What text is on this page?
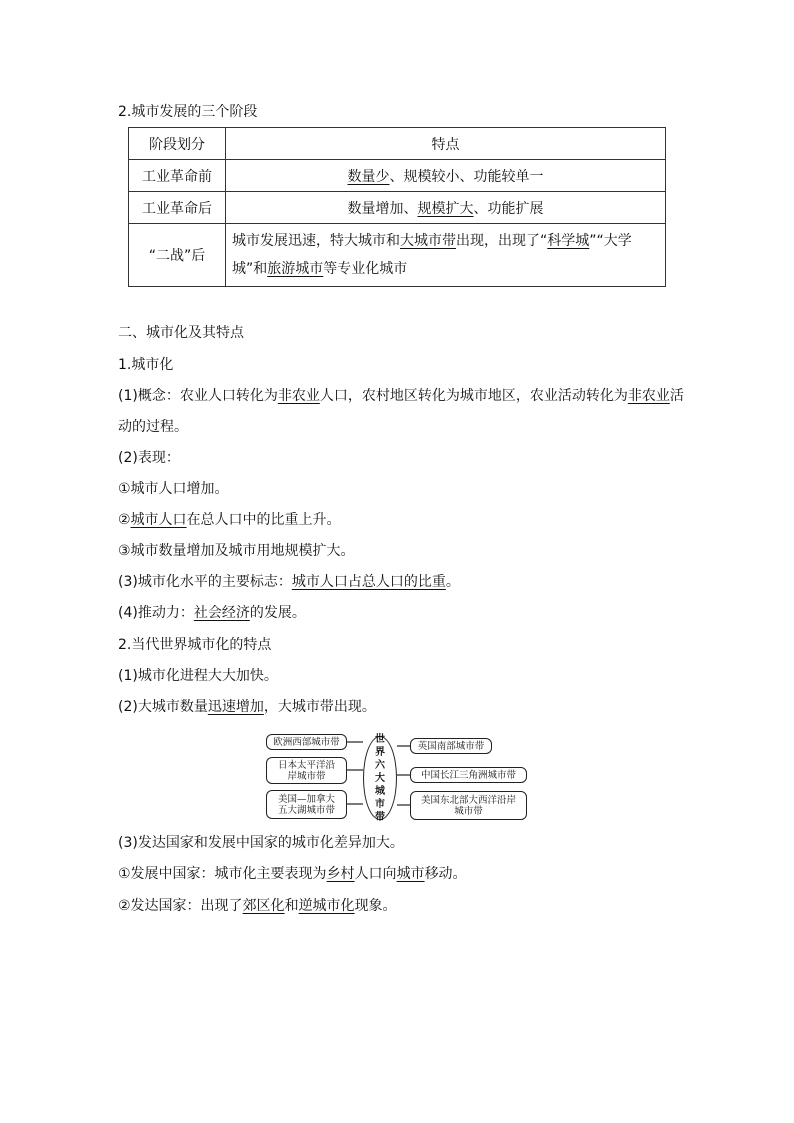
2.城市发展的三个阶段
阶段划分	特点
工业革命前	数量少、规模较小、功能较单一
工业革命后	数量增加、规模扩大、功能扩展
“二战”后	城市发展迅速，特大城市和大城市带出现，出现了“科学城”“大学城”和旅游城市等专业化城市
二、城市化及其特点
1.城市化
(1)概念：农业人口转化为非农业人口，农村地区转化为城市地区，农业活动转化为非农业活
动的过程。
(2)表现：
①城市人口增加。
②城市人口在总人口中的比重上升。
③城市数量增加及城市用地规模扩大。
(3)城市化水平的主要标志：城市人口占总人口的比重。
(4)推动力：社会经济的发展。
2.当代世界城市化的特点
(1)城市化进程大大加快。
(2)大城市数量迅速增加，大城市带出现。
欧洲西部城市带
日本太平洋沿岸城市带
美国—加拿大五大湖城市带
世界六大城市带
英国南部城市带
中国长江三角洲城市带
美国东北部大西洋沿岸城市带
(3)发达国家和发展中国家的城市化差异加大。
①发展中国家：城市化主要表现为乡村人口向城市移动。
②发达国家：出现了郊区化和逆城市化现象。
